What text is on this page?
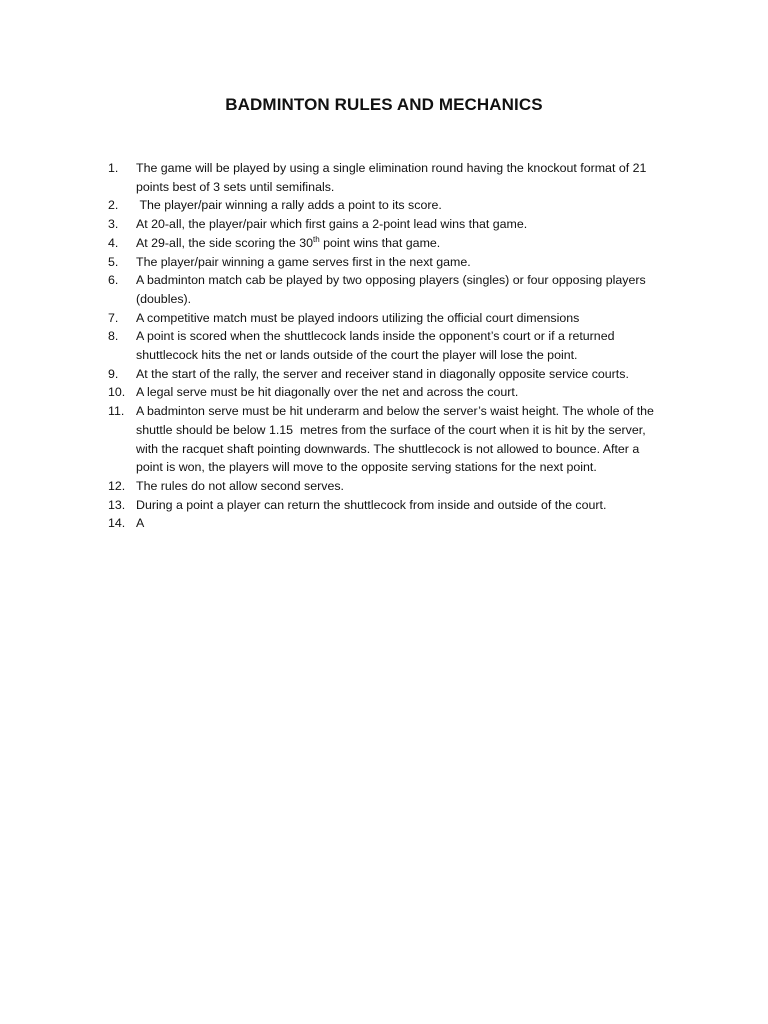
BADMINTON RULES AND MECHANICS
1.	The game will be played by using a single elimination round having the knockout format of 21 points best of 3 sets until semifinals.
2.	The player/pair winning a rally adds a point to its score.
3.	At 20-all, the player/pair which first gains a 2-point lead wins that game.
4.	At 29-all, the side scoring the 30th point wins that game.
5.	The player/pair winning a game serves first in the next game.
6.	A badminton match cab be played by two opposing players (singles) or four opposing players (doubles).
7.	A competitive match must be played indoors utilizing the official court dimensions
8.	A point is scored when the shuttlecock lands inside the opponent’s court or if a returned shuttlecock hits the net or lands outside of the court the player will lose the point.
9.	At the start of the rally, the server and receiver stand in diagonally opposite service courts.
10. A legal serve must be hit diagonally over the net and across the court.
11. A badminton serve must be hit underarm and below the server’s waist height. The whole of the shuttle should be below 1.15  metres from the surface of the court when it is hit by the server, with the racquet shaft pointing downwards. The shuttlecock is not allowed to bounce. After a point is won, the players will move to the opposite serving stations for the next point.
12. The rules do not allow second serves.
13. During a point a player can return the shuttlecock from inside and outside of the court.
14. A
